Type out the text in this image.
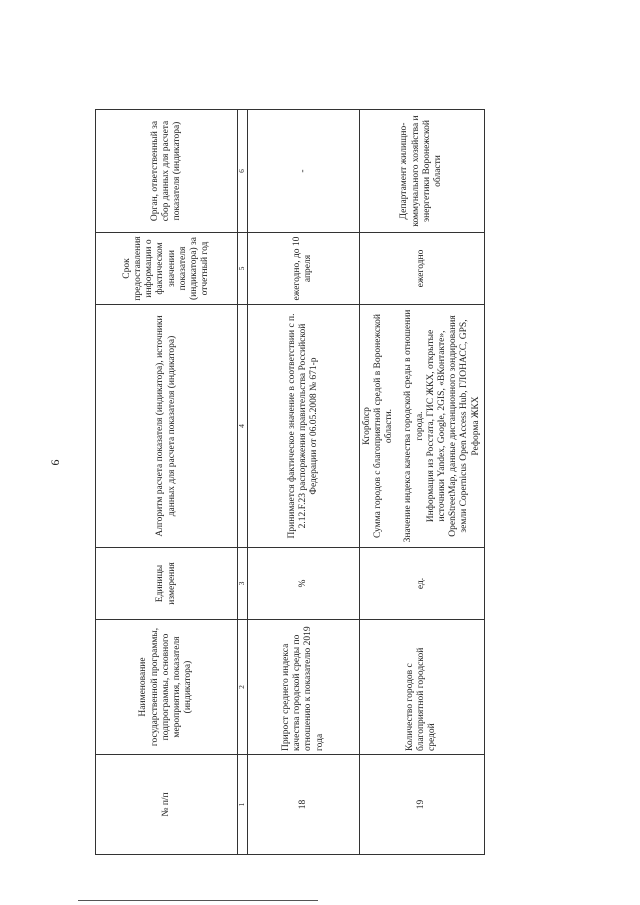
9
№ п/п	Наименование государственной программы, подпрограммы, основного мероприятия, показателя (индикатора)	Единицы измерения	Алгоритм расчета показателя (индикатора), источники данных для расчета показателя (индикатора)	Срок предоставления информации о фактическом значении показателя (индикатора) за отчетный год	Орган, ответственный за сбор данных для расчета показателя (индикатора)
1	2	3	4	5	6
18	Прирост среднего индекса качества городской среды по отношению к показателю 2019 года	%	Принимается фактическое значение в соответствии с п. 2.12.F.23 распоряжения правительства Российской Федерации от 06.05.2008 № 671-р	ежегодно, до 10 апреля	-
19	Количество городов с благоприятной городской средой	ед.	Кгорблср Сумма городов с благоприятной средой в Воронежской области. Значение индекса качества городской среды в отношении города. Информация из Росстата, ГИС ЖКХ, открытые источники Yandex, Google, 2GIS, «ВКонтакте», OpenStreetMap, данные дистанционного зондирования земли Copernicus Open Access Hub, ГЛОНАСС, GPS, Реформа ЖКХ	ежегодно	Департамент жилищно-коммунального хозяйства и энергетики Воронежской области
